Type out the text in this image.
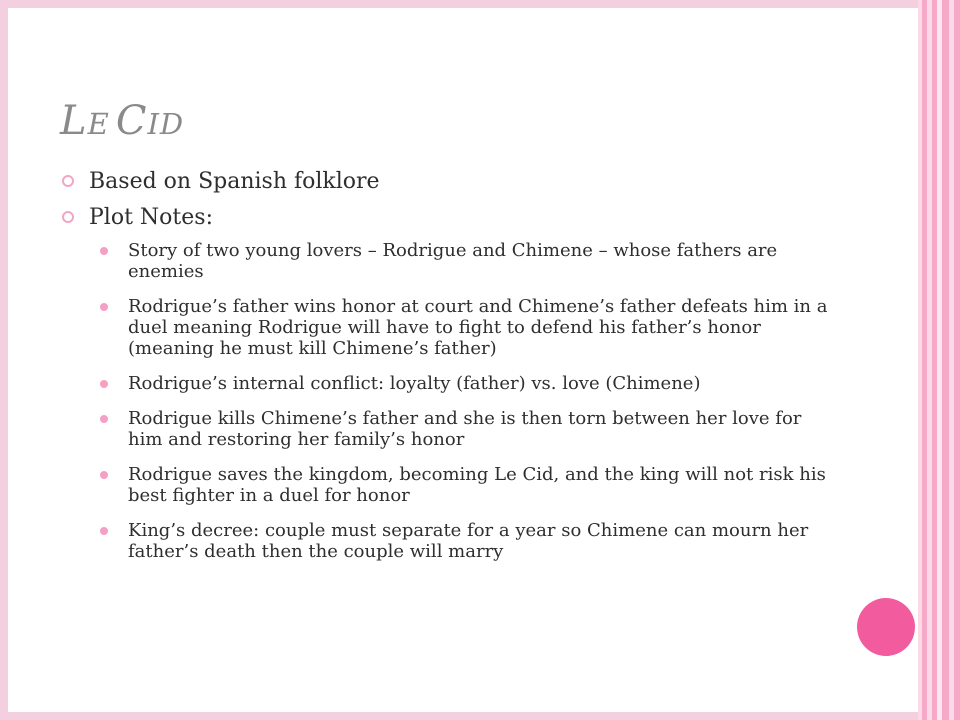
LE CID
Based on Spanish folklore
Plot Notes:
Story of two young lovers – Rodrigue and Chimene – whose fathers are enemies
Rodrigue’s father wins honor at court and Chimene’s father defeats him in a duel meaning Rodrigue will have to fight to defend his father’s honor (meaning he must kill Chimene’s father)
Rodrigue’s internal conflict: loyalty (father) vs. love (Chimene)
Rodrigue kills Chimene’s father and she is then torn between her love for him and restoring her family’s honor
Rodrigue saves the kingdom, becoming Le Cid, and the king will not risk his best fighter in a duel for honor
King’s decree: couple must separate for a year so Chimene can mourn her father’s death then the couple will marry
